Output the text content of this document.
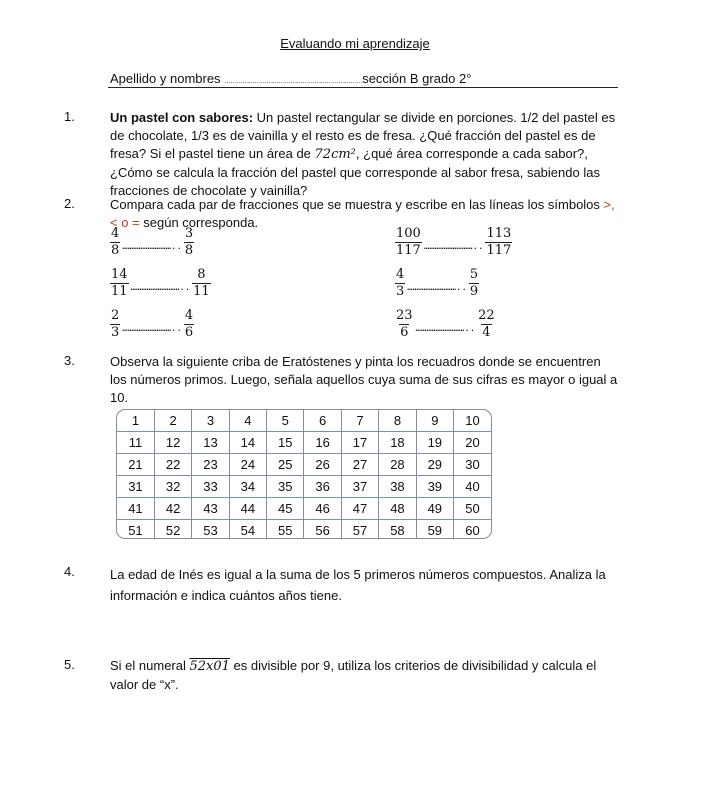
Evaluando mi aprendizaje
Apellido y nombres ……………………………………………………………sección B grado 2°
1.	Un pastel con sabores: Un pastel rectangular se divide en porciones. 1/2 del pastel es de chocolate, 1/3 es de vainilla y el resto es de fresa. ¿Qué fracción del pastel es de fresa? Si el pastel tiene un área de 72cm², ¿qué área corresponde a cada sabor?, ¿Cómo se calcula la fracción del pastel que corresponde al sabor fresa, sabiendo las fracciones de chocolate y vainilla?
2.	Compara cada par de fracciones que se muestra y escribe en las líneas los símbolos >,< o = según corresponda.
$\frac{4}{8}$ ……………………….. $\frac{3}{8}$	$\frac{100}{117}$ ……………………….. $\frac{113}{117}$
$\frac{14}{11}$ ……………………….. $\frac{8}{11}$	$\frac{4}{3}$ ……………………….. $\frac{5}{9}$
$\frac{2}{3}$ ……………………….. $\frac{4}{6}$	$\frac{23}{6}$ ……………………….. $\frac{22}{4}$
3.	Observa la siguiente criba de Eratóstenes y pinta los recuadros donde se encuentren los números primos. Luego, señala aquellos cuya suma de sus cifras es mayor o igual a 10.
1	2	3	4	5	6	7	8	9	10
11	12	13	14	15	16	17	18	19	20
21	22	23	24	25	26	27	28	29	30
31	32	33	34	35	36	37	38	39	40
41	42	43	44	45	46	47	48	49	50
51	52	53	54	55	56	57	58	59	60
4.	La edad de Inés es igual a la suma de los 5 primeros números compuestos. Analiza la
información e indica cuántos años tiene.
5.	Si el numeral 52x01 es divisible por 9, utiliza los criterios de divisibilidad y calcula el
valor de “x”.
